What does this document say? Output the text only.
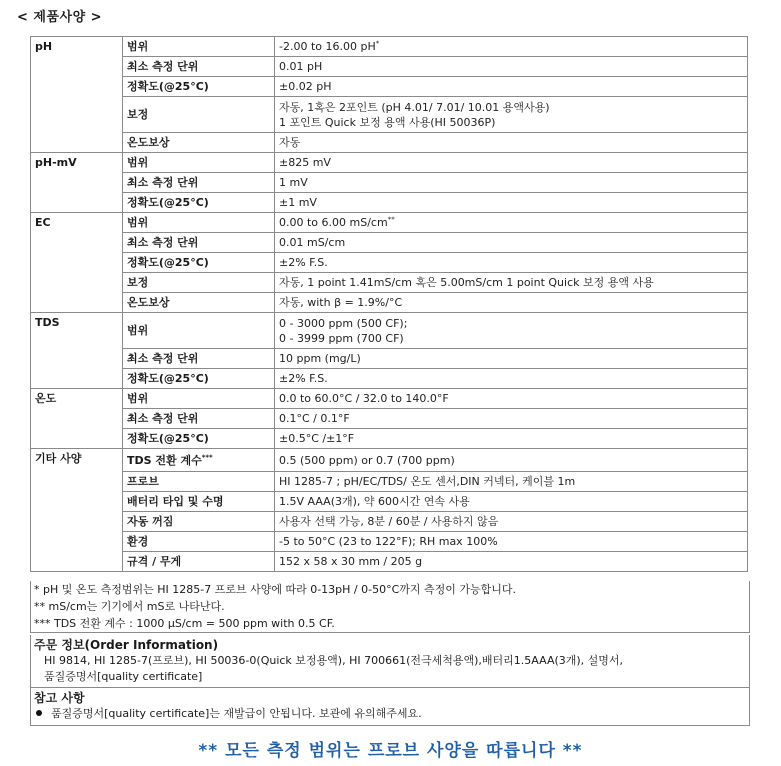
< 제품사양 >
pH	범위	-2.00 to 16.00 pH*
	최소 측정 단위	0.01 pH
	정확도(@25°C)	±0.02 pH
	보정	자동, 1혹은 2포인트 (pH 4.01/ 7.01/ 10.01 용액사용)
1 포인트 Quick 보정 용액 사용(HI 50036P)
	온도보상	자동
pH-mV	범위	±825 mV
	최소 측정 단위	1 mV
	정확도(@25°C)	±1 mV
EC	범위	0.00 to 6.00 mS/cm**
	최소 측정 단위	0.01 mS/cm
	정확도(@25°C)	±2% F.S.
	보정	자동, 1 point 1.41mS/cm 혹은 5.00mS/cm 1 point Quick 보정 용액 사용
	온도보상	자동, with β = 1.9%/°C
TDS	범위	0 - 3000 ppm (500 CF);
0 - 3999 ppm (700 CF)
	최소 측정 단위	10 ppm (mg/L)
	정확도(@25°C)	±2% F.S.
온도	범위	0.0 to 60.0°C / 32.0 to 140.0°F
	최소 측정 단위	0.1°C / 0.1°F
	정확도(@25°C)	±0.5°C /±1°F
기타 사양	TDS 전환 계수***	0.5 (500 ppm) or 0.7 (700 ppm)
	프로브	HI 1285-7 ; pH/EC/TDS/ 온도 센서,DIN 커넥터, 케이블 1m
	배터리 타입 및 수명	1.5V AAA(3개), 약 600시간 연속 사용
	자동 꺼짐	사용자 선택 가능, 8분 / 60분 / 사용하지 않음
	환경	-5 to 50°C (23 to 122°F); RH max 100%
	규격 / 무게	152 x 58 x 30 mm / 205 g
* pH 및 온도 측정범위는 HI 1285-7 프로브 사양에 따라 0-13pH / 0-50°C까지 측정이 가능합니다.
** mS/cm는 기기에서 mS로 나타난다.
*** TDS 전환 계수 : 1000 μS/cm = 500 ppm with 0.5 CF.
주문 정보(Order Information)
HI 9814, HI 1285-7(프로브), HI 50036-0(Quick 보정용액), HI 700661(전극세척용액),배터리1.5AAA(3개), 설명서,
품질증명서[quality certificate]
참고 사항
품질증명서[quality certificate]는 재발급이 안됩니다. 보관에 유의해주세요.
** 모든 측정 범위는 프로브 사양을 따릅니다 **
